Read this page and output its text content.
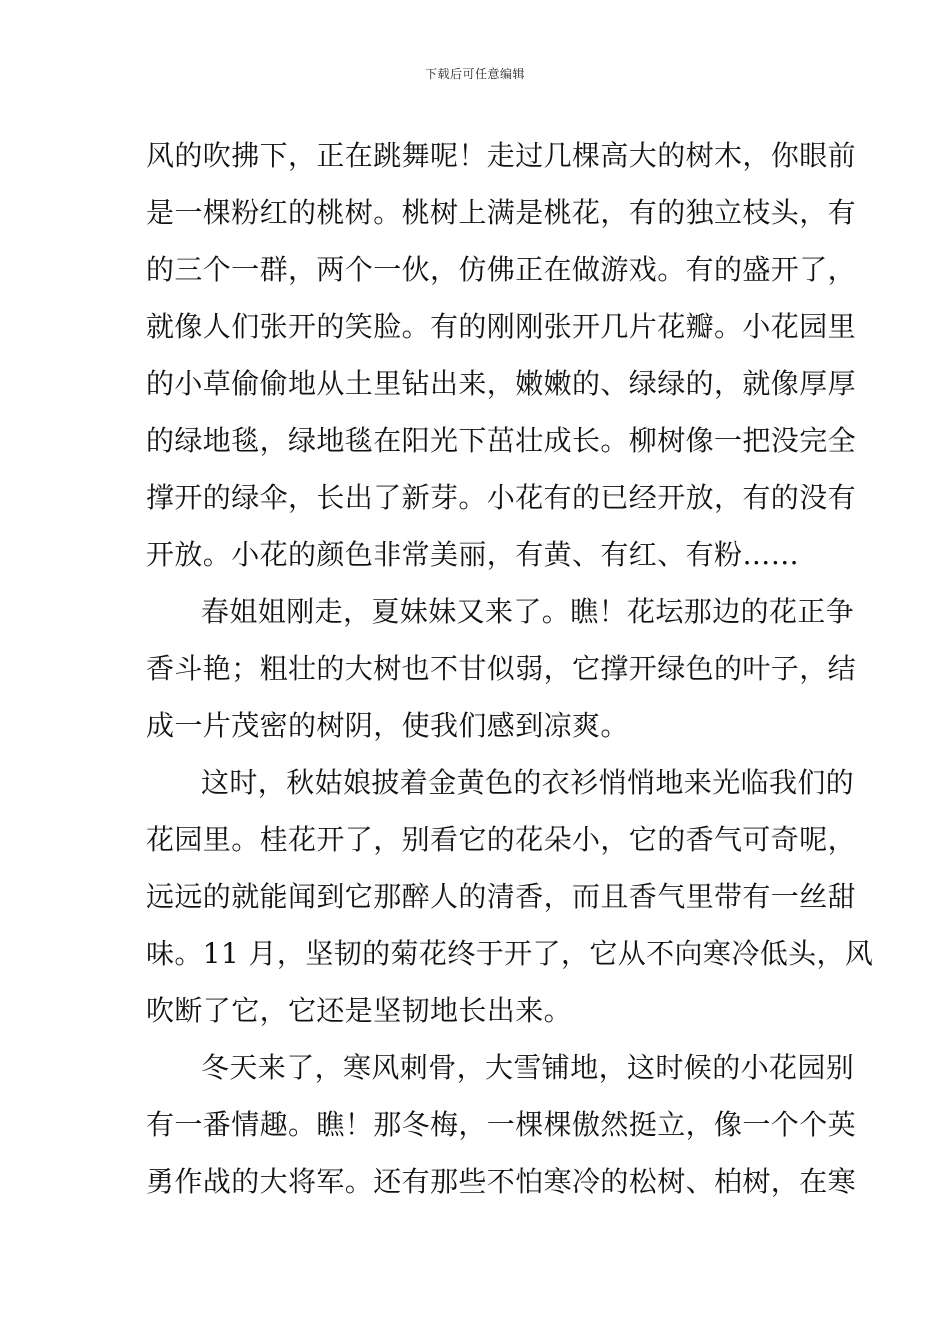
下载后可任意编辑
风的吹拂下，正在跳舞呢！走过几棵高大的树木，你眼前
是一棵粉红的桃树。桃树上满是桃花，有的独立枝头，有
的三个一群，两个一伙，仿佛正在做游戏。有的盛开了，
就像人们张开的笑脸。有的刚刚张开几片花瓣。小花园里
的小草偷偷地从土里钻出来，嫩嫩的、绿绿的，就像厚厚
的绿地毯，绿地毯在阳光下茁壮成长。柳树像一把没完全
撑开的绿伞，长出了新芽。小花有的已经开放，有的没有
开放。小花的颜色非常美丽，有黄、有红、有粉……
春姐姐刚走，夏妹妹又来了。瞧！花坛那边的花正争
香斗艳；粗壮的大树也不甘似弱，它撑开绿色的叶子，结
成一片茂密的树阴，使我们感到凉爽。
这时，秋姑娘披着金黄色的衣衫悄悄地来光临我们的
花园里。桂花开了，别看它的花朵小，它的香气可奇呢，
远远的就能闻到它那醉人的清香，而且香气里带有一丝甜
味。11 月，坚韧的菊花终于开了，它从不向寒冷低头，风
吹断了它，它还是坚韧地长出来。
冬天来了，寒风刺骨，大雪铺地，这时候的小花园别
有一番情趣。瞧！那冬梅，一棵棵傲然挺立，像一个个英
勇作战的大将军。还有那些不怕寒冷的松树、柏树，在寒
